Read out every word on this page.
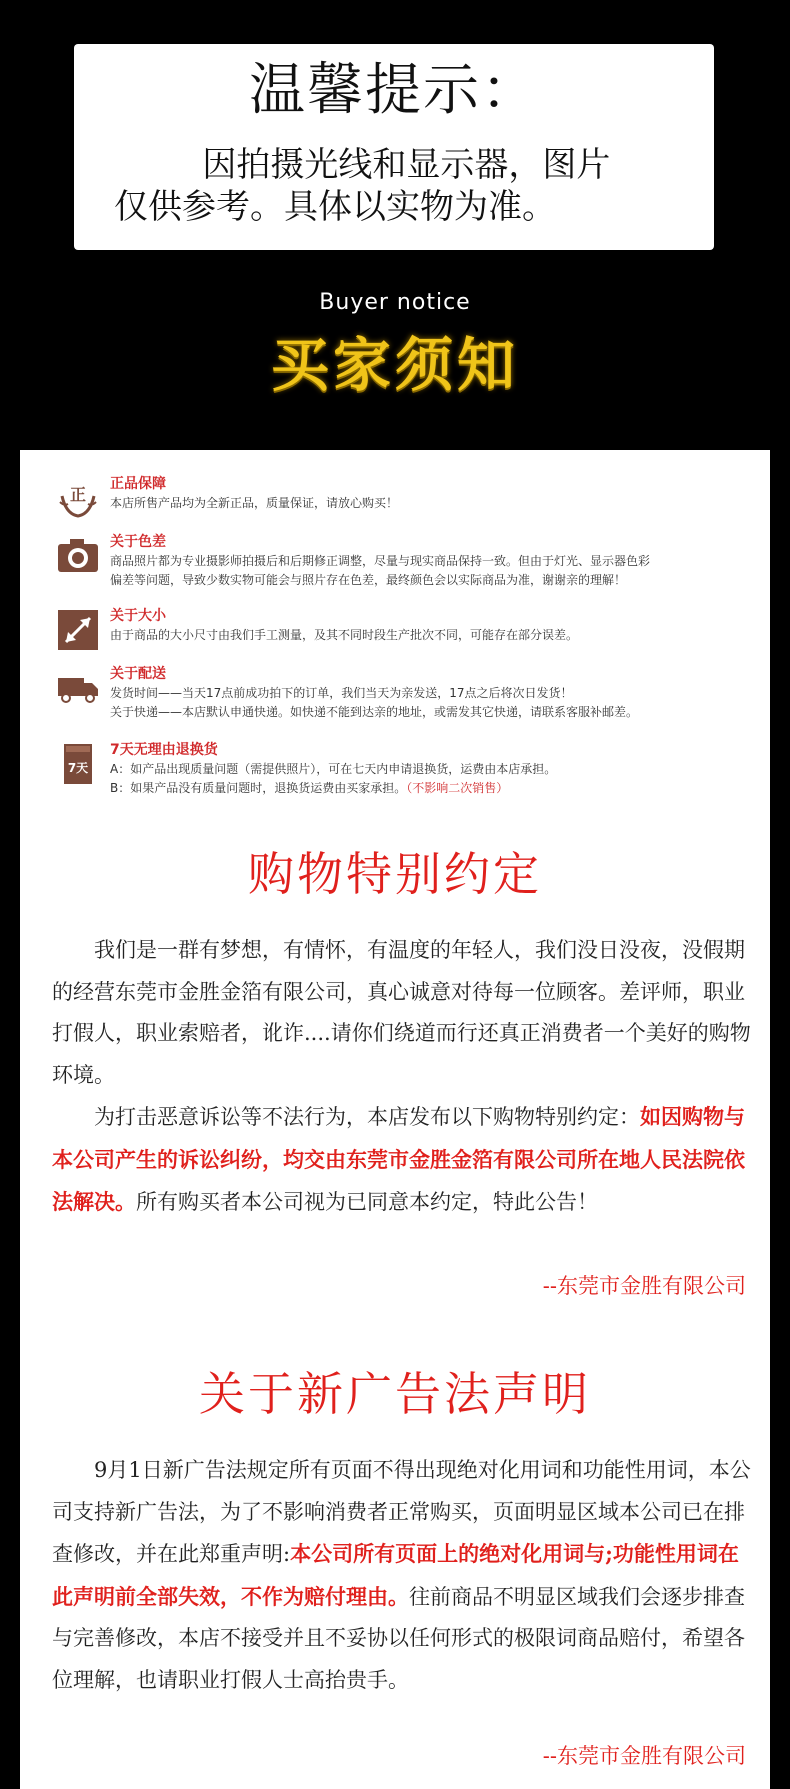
温馨提示：
因拍摄光线和显示器，图片
仅供参考。具体以实物为准。
Buyer notice
买家须知
正
正品保障
本店所售产品均为全新正品，质量保证，请放心购买！
关于色差
商品照片都为专业摄影师拍摄后和后期修正调整，尽量与现实商品保持一致。但由于灯光、显示器色彩
偏差等问题，导致少数实物可能会与照片存在色差，最终颜色会以实际商品为准，谢谢亲的理解！
关于大小
由于商品的大小尺寸由我们手工测量，及其不同时段生产批次不同，可能存在部分误差。
关于配送
发货时间——当天17点前成功拍下的订单，我们当天为亲发送，17点之后将次日发货！
关于快递——本店默认申通快递。如快递不能到达亲的地址，或需发其它快递，请联系客服补邮差。
7天
7天无理由退换货
A：如产品出现质量问题（需提供照片），可在七天内申请退换货，运费由本店承担。
B：如果产品没有质量问题时，退换货运费由买家承担。（不影响二次销售）
购物特别约定

我们是一群有梦想，有情怀，有温度的年轻人，我们没日没夜，没假期的经营东莞市金胜金箔有限公司，真心诚意对待每一位顾客。差评师，职业打假人，职业索赔者，讹诈....请你们绕道而行还真正消费者一个美好的购物环境。

为打击恶意诉讼等不法行为，本店发布以下购物特别约定：如因购物与本公司产生的诉讼纠纷，均交由东莞市金胜金箔有限公司所在地人民法院依法解决。所有购买者本公司视为已同意本约定，特此公告！

--东莞市金胜有限公司
关于新广告法声明

9月1日新广告法规定所有页面不得出现绝对化用词和功能性用词，本公司支持新广告法，为了不影响消费者正常购买，页面明显区域本公司已在排查修改，并在此郑重声明:本公司所有页面上的绝对化用词与;功能性用词在此声明前全部失效，不作为赔付理由。往前商品不明显区域我们会逐步排查与完善修改，本店不接受并且不妥协以任何形式的极限词商品赔付，希望各位理解，也请职业打假人士高抬贵手。

--东莞市金胜有限公司
